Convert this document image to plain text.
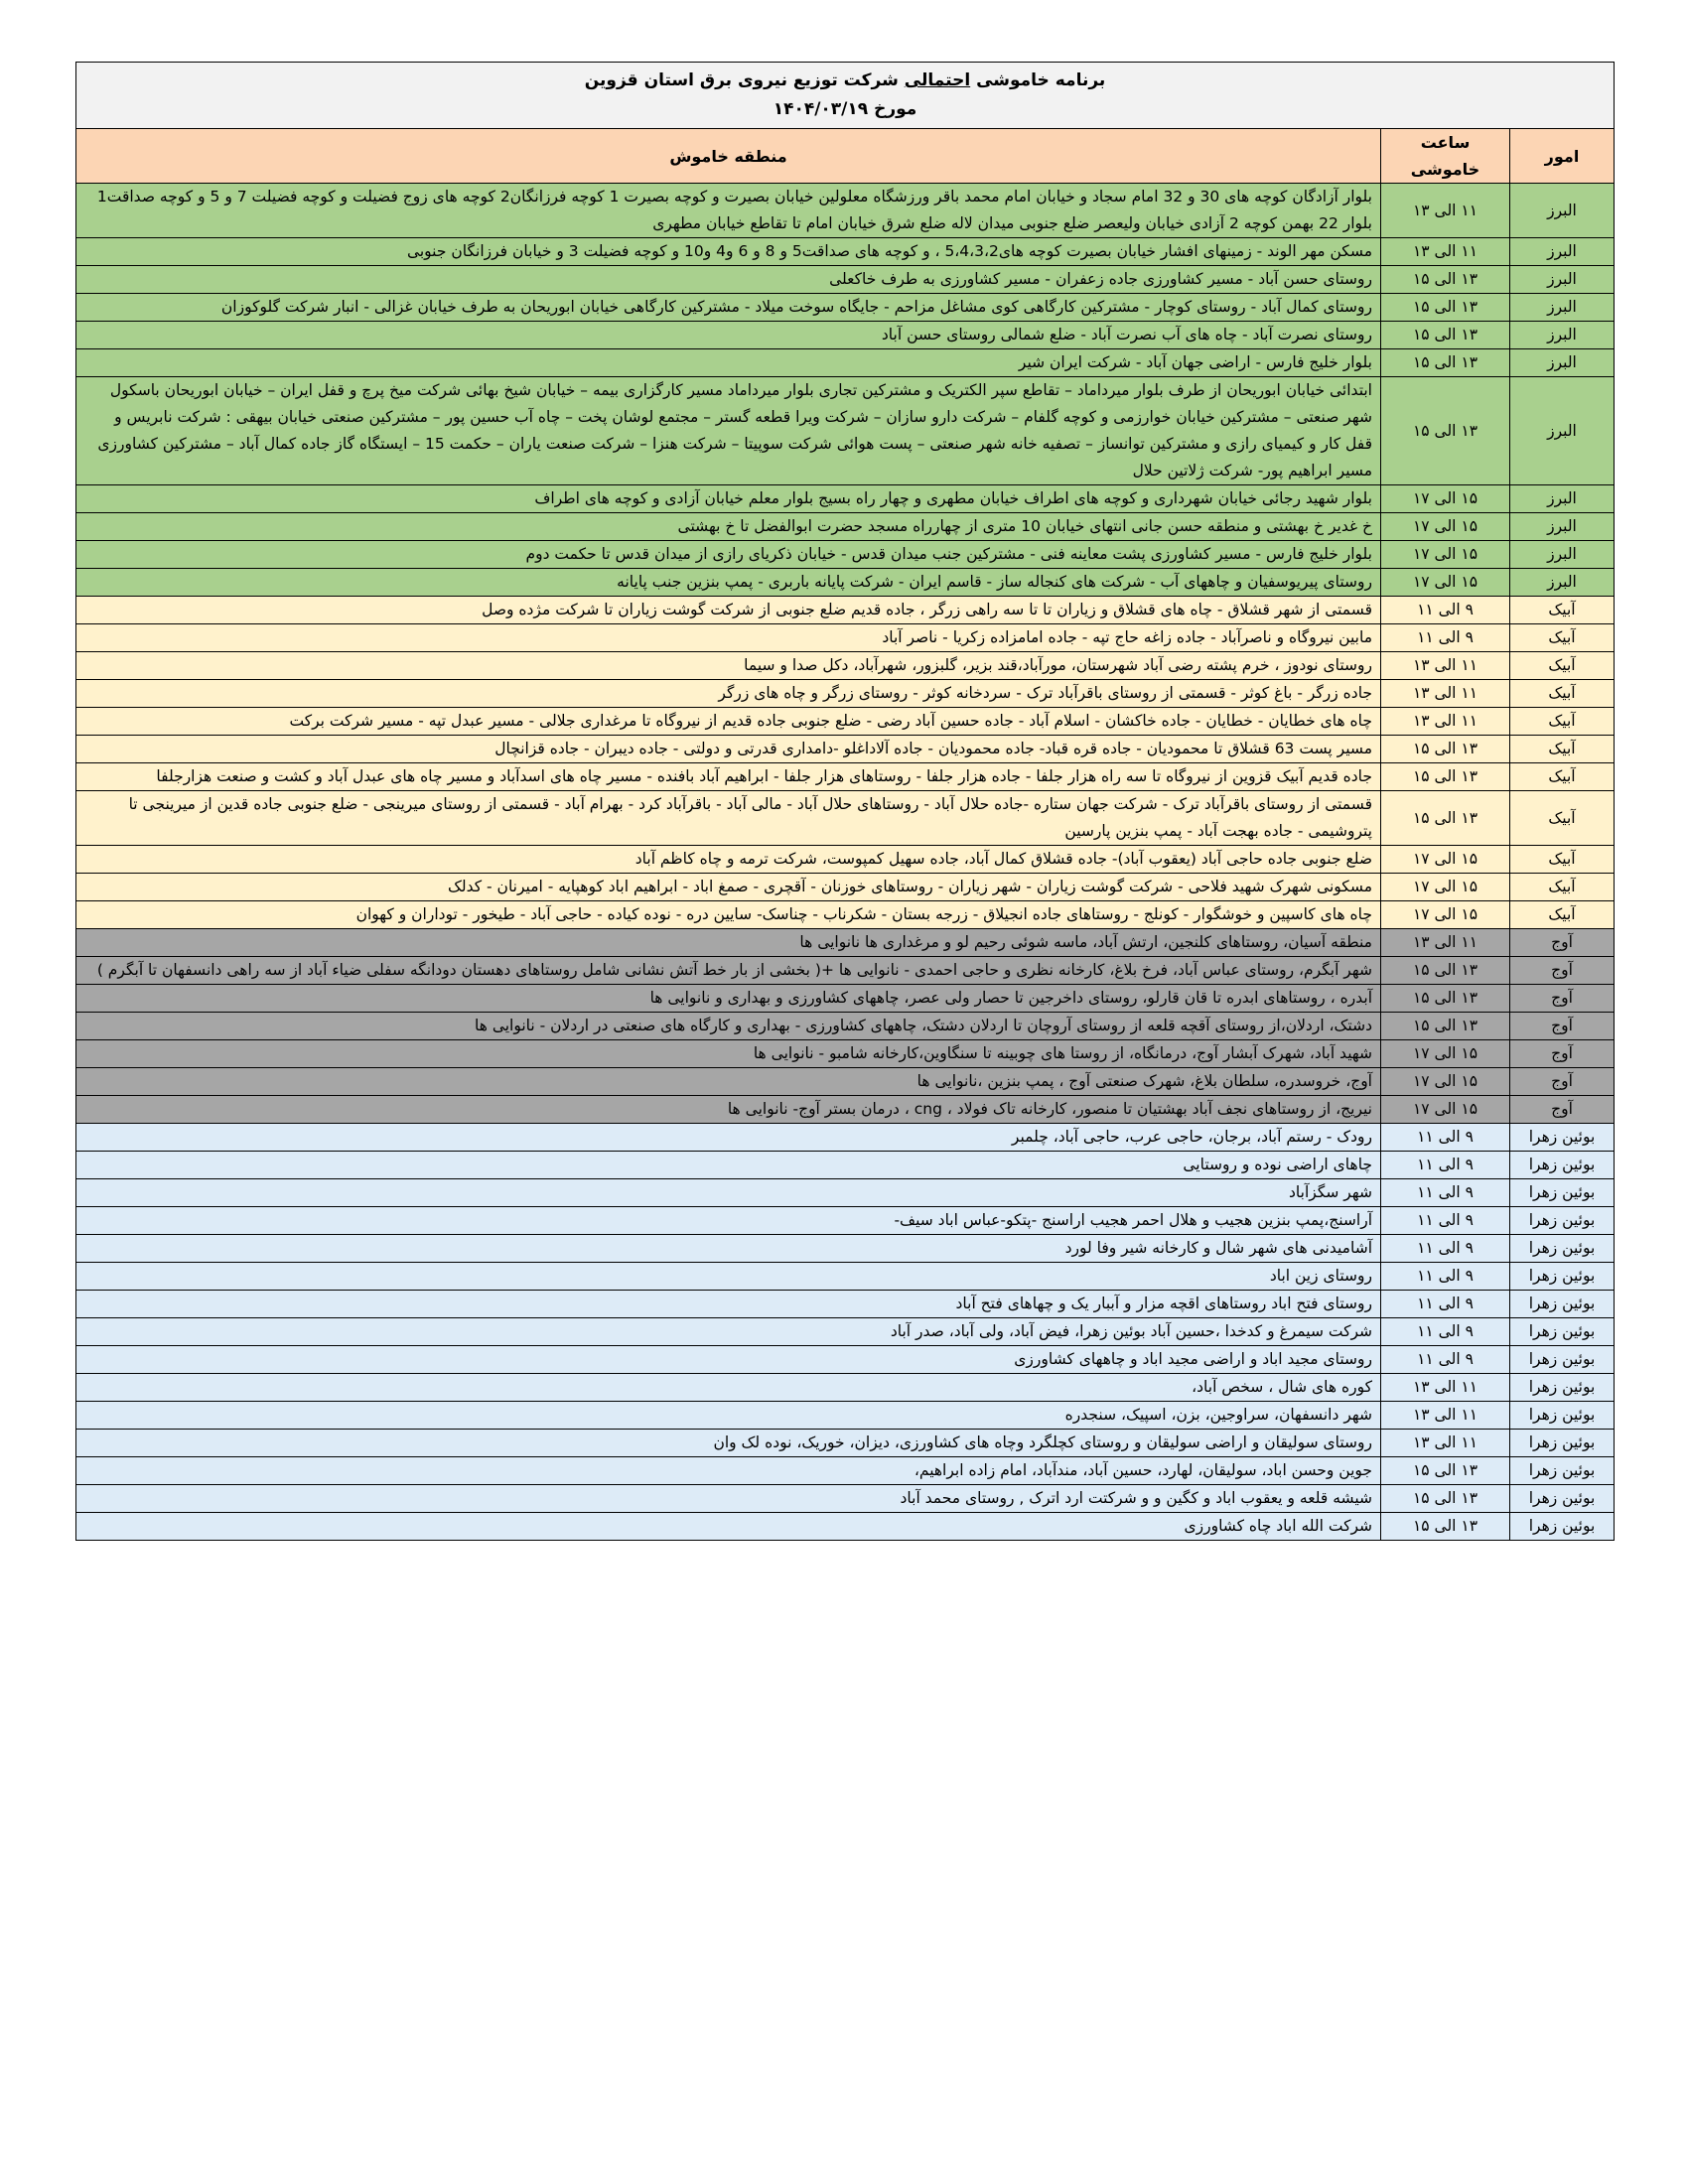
برنامه خاموشی احتمالی شرکت توزیع نیروی برق استان قزوین
مورخ ۱۴۰۴/۰۳/۱۹		

امور	ساعت خاموشی	منطقه خاموش
البرز	۱۱ الی ۱۳	بلوار آزادگان کوچه های 30 و 32 امام سجاد و خیابان امام محمد باقر ورزشگاه معلولین خیابان بصیرت و کوچه بصیرت 1 کوچه فرزانگان2 کوچه های زوج فضیلت و کوچه فضیلت 7 و 5 و کوچه صداقت1 بلوار 22 بهمن کوچه 2 آزادی خیابان ولیعصر ضلع جنوبی میدان لاله ضلع شرق خیابان امام تا تقاطع خیابان مطهری
البرز	۱۱ الی ۱۳	مسکن مهر الوند - زمینهای افشار خیابان بصیرت کوچه های5،4،3،2 ، و کوچه های صداقت5 و 8 و 6 و4 و10 و کوچه فضیلت 3 و خیابان فرزانگان جنوبی
البرز	۱۳ الی ۱۵	روستای حسن آباد - مسیر کشاورزی جاده زعفران - مسیر کشاورزی به طرف خاکعلی
البرز	۱۳ الی ۱۵	روستای کمال آباد - روستای کوچار - مشترکین کارگاهی کوی مشاغل مزاحم - جایگاه سوخت میلاد - مشترکین کارگاهی خیابان ابوریحان به طرف خیابان غزالی - انبار شرکت گلوکوزان
البرز	۱۳ الی ۱۵	روستای نصرت آباد - چاه های آب نصرت آباد - ضلع شمالی روستای حسن آباد
البرز	۱۳ الی ۱۵	بلوار خلیج فارس - اراضی جهان آباد - شرکت ایران شیر
البرز	۱۳ الی ۱۵	ابتدائی خیابان ابوریحان از طرف بلوار میرداماد – تقاطع سپر الکتریک و مشترکین تجاری بلوار میرداماد مسیر کارگزاری بیمه – خیابان شیخ بهائی شرکت میخ پرچ و قفل ایران – خیابان ابوریحان باسکول شهر صنعتی – مشترکین خیابان خوارزمی و کوچه گلفام – شرکت دارو سازان – شرکت ویرا قطعه گستر – مجتمع لوشان پخت – چاه آب حسین پور – مشترکین صنعتی خیابان بیهقی : شرکت نابریس و قفل کار و کیمیای رازی و مشترکین توانساز – تصفیه خانه شهر صنعتی – پست هوائی شرکت سوپیتا – شرکت هنزا – شرکت صنعت یاران – حکمت 15 – ایستگاه گاز جاده کمال آباد – مشترکین کشاورزی مسیر ابراهیم پور- شرکت ژلاتین حلال
البرز	۱۵ الی ۱۷	بلوار شهید رجائی خیابان شهرداری و کوچه های اطراف خیابان مطهری و چهار راه بسیج بلوار معلم خیابان آزادی و کوچه های اطراف
البرز	۱۵ الی ۱۷	خ غدیر خ بهشتی و منطقه حسن جانی انتهای خیابان 10 متری از چهارراه مسجد حضرت ابوالفضل تا خ بهشتی
البرز	۱۵ الی ۱۷	بلوار خلیج فارس - مسیر کشاورزی پشت معاینه فنی - مشترکین جنب میدان قدس - خیابان ذکریای رازی از میدان قدس تا حکمت دوم
البرز	۱۵ الی ۱۷	روستای پیریوسفیان و چاههای آب - شرکت های کنجاله ساز - قاسم ایران - شرکت پایانه باربری - پمپ بنزین جنب پایانه
آبیک	۹ الی ۱۱	قسمتی از شهر قشلاق - چاه های قشلاق و زیاران تا تا سه راهی زرگر ، جاده قدیم ضلع جنوبی از شرکت گوشت زیاران تا شرکت مژده وصل
آبیک	۹ الی ۱۱	مابین نیروگاه و ناصرآباد - جاده زاغه حاج تپه - جاده امامزاده زکریا - ناصر آباد
آبیک	۱۱ الی ۱۳	روستای نودوز ، خرم پشته رضی آباد شهرستان، مورآباد،قند بزیر، گلبزور، شهرآباد، دکل صدا و سیما
آبیک	۱۱ الی ۱۳	جاده زرگر - باغ کوثر - قسمتی از روستای باقرآباد ترک - سردخانه کوثر - روستای زرگر و چاه های زرگر
آبیک	۱۱ الی ۱۳	چاه های خطایان - خطایان - جاده خاکشان - اسلام آباد - جاده حسین آباد رضی - ضلع جنوبی جاده قدیم از نیروگاه تا مرغداری جلالی - مسیر عبدل تپه - مسیر شرکت برکت
آبیک	۱۳ الی ۱۵	مسیر پست 63 قشلاق تا محمودیان - جاده قره قباد- جاده محمودیان - جاده آلاداغلو -دامداری قدرتی و دولتی - جاده دیبران - جاده قزانچال
آبیک	۱۳ الی ۱۵	جاده قدیم آبیک قزوین از نیروگاه تا سه راه هزار جلفا - جاده هزار جلفا - روستاهای هزار جلفا - ابراهیم آباد بافنده - مسیر چاه های اسدآباد و مسیر چاه های عبدل آباد و کشت و صنعت هزارجلفا
آبیک	۱۳ الی ۱۵	قسمتی از روستای باقرآباد ترک - شرکت جهان ستاره -جاده حلال آباد - روستاهای حلال آباد - مالی آباد - باقرآباد کرد - بهرام آباد - قسمتی از روستای میرینجی - ضلع جنوبی جاده قدین از میرینجی تا پتروشیمی - جاده بهجت آباد - پمپ بنزین پارسین
آبیک	۱۵ الی ۱۷	ضلع جنوبی جاده حاجی آباد (یعقوب آباد)- جاده قشلاق کمال آباد، جاده سهیل کمپوست، شرکت ترمه و چاه کاظم آباد
آبیک	۱۵ الی ۱۷	مسکونی شهرک شهید فلاحی - شرکت گوشت زیاران - شهر زیاران - روستاهای خوزنان - آقچری - صمغ اباد - ابراهیم اباد کوهپایه - امیرنان - کدلک
آبیک	۱۵ الی ۱۷	چاه های کاسپین و خوشگوار - کونلج - روستاهای جاده انجیلاق - زرجه بستان - شکرناب - چناسک- سایین دره - نوده کیاده - حاجی آباد - طیخور - توداران و کهوان
آوج	۱۱ الی ۱۳	منطقه آسیان، روستاهای کلنجین، ارتش آباد، ماسه شوئی رحیم لو و مرغداری ها نانوایی ها
آوج	۱۳ الی ۱۵	شهر آبگرم، روستای عباس آباد، فرخ بلاغ، کارخانه نظری و حاجی احمدی - نانوایی ها +( بخشی از بار خط آتش نشانی شامل روستاهای دهستان دودانگه سفلی ضیاء آباد از سه راهی دانسفهان تا آبگرم )
آوج	۱۳ الی ۱۵	آبدره ، روستاهای ابدره تا قان قارلو، روستای داخرجین تا حصار ولی عصر، چاههای کشاورزی و بهداری و نانوایی ها
آوج	۱۳ الی ۱۵	دشتک، اردلان،از روستای آقچه قلعه از روستای آروچان تا اردلان دشتک، چاههای کشاورزی - بهداری و کارگاه های صنعتی در اردلان - نانوایی ها
آوج	۱۵ الی ۱۷	شهید آباد، شهرک آبشار آوج، درمانگاه، از روستا های چوبینه تا سنگاوین،کارخانه شامبو - نانوایی ها
آوج	۱۵ الی ۱۷	آوج، خروسدره، سلطان بلاغ، شهرک صنعتی آوج ، پمپ بنزین ،نانوایی ها
آوج	۱۵ الی ۱۷	نیریج، از روستاهای نجف آباد بهشتیان تا منصور، کارخانه تاک فولاد ، cng ، درمان بستر آوج- نانوایی ها
بوئین زهرا	۹ الی ۱۱	رودک - رستم آباد، برجان، حاجی عرب، حاجی آباد، چلمبر
بوئین زهرا	۹ الی ۱۱	چاهای اراضی نوده و روستایی
بوئین زهرا	۹ الی ۱۱	شهر سگزآباد
بوئین زهرا	۹ الی ۱۱	آراسنج،پمپ بنزین هجیب و هلال احمر هجیب اراسنج -پتکو-عباس اباد سیف-
بوئین زهرا	۹ الی ۱۱	آشامیدنی های شهر شال و کارخانه شیر وفا لورد
بوئین زهرا	۹ الی ۱۱	روستای زین اباد
بوئین زهرا	۹ الی ۱۱	روستای فتح اباد روستاهای اقچه مزار و آببار یک و چهاهای فتح آباد
بوئین زهرا	۹ الی ۱۱	شرکت سیمرغ و کدخدا ،حسین آباد بوئین زهرا، فیض آباد، ولی آباد، صدر آباد
بوئین زهرا	۹ الی ۱۱	روستای مجید اباد و اراضی مجید اباد و چاههای کشاورزی
بوئین زهرا	۱۱ الی ۱۳	کوره های شال ، سخص آباد،
بوئین زهرا	۱۱ الی ۱۳	شهر دانسفهان، سراوجین، بزن، اسپیک، سنجدره
بوئین زهرا	۱۱ الی ۱۳	روستای سولیقان و اراضی سولیقان و روستای کچلگرد وچاه های کشاورزی، دیزان، خوریک، نوده لک وان
بوئین زهرا	۱۳ الی ۱۵	جوین وحسن اباد، سولیقان، لهارد، حسین آباد، مندآباد، امام زاده ابراهیم،
بوئین زهرا	۱۳ الی ۱۵	شیشه قلعه و یعقوب اباد و کگین و و شرکتت ارد اترک , روستای محمد آباد
بوئین زهرا	۱۳ الی ۱۵	شرکت الله اباد چاه کشاورزی
